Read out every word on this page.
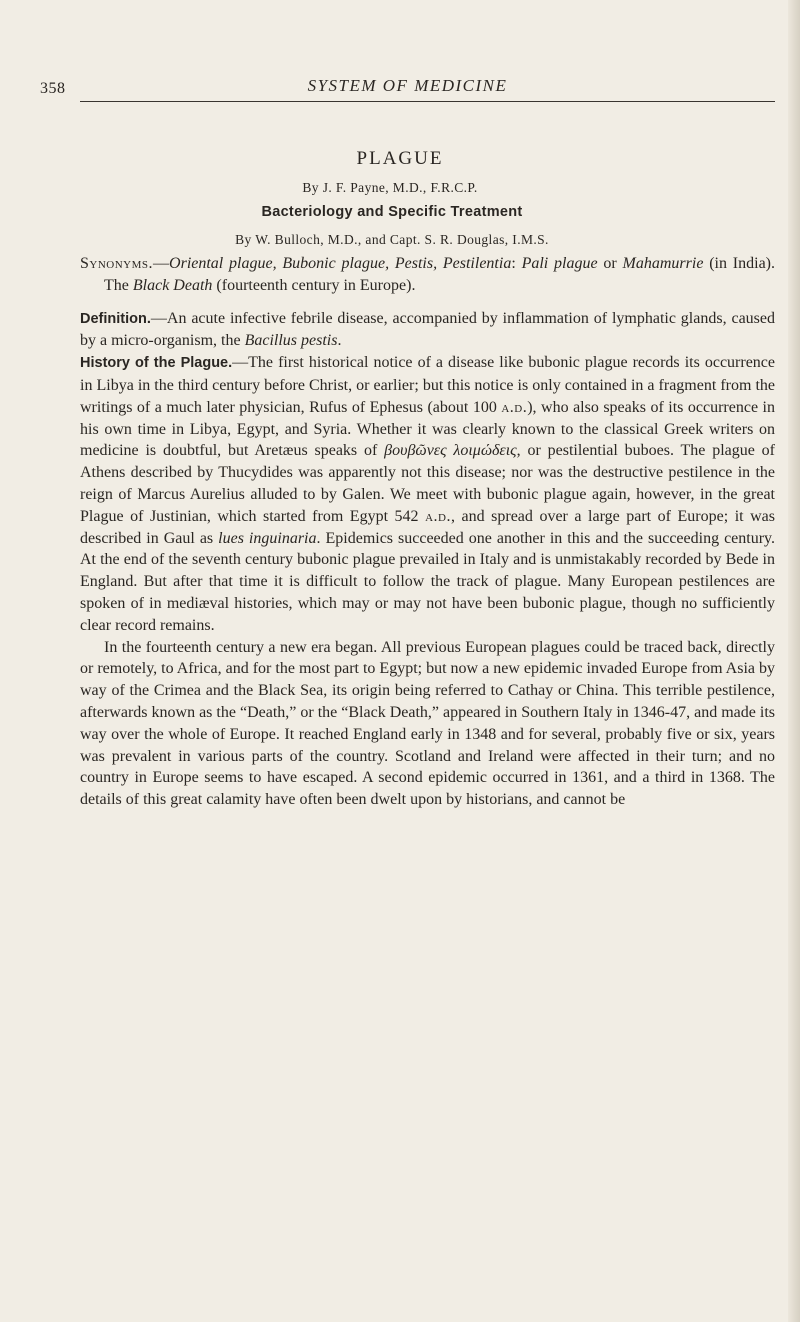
358	SYSTEM OF MEDICINE
PLAGUE
By J. F. Payne, M.D., F.R.C.P.
Bacteriology and Specific Treatment
By W. Bulloch, M.D., and Capt. S. R. Douglas, I.M.S.

Synonyms.—Oriental plague, Bubonic plague, Pestis, Pestilentia: Pali plague or Mahamurrie (in India). The Black Death (fourteenth century in Europe).

Definition.—An acute infective febrile disease, accompanied by inflammation of lymphatic glands, caused by a micro-organism, the Bacillus pestis.

History of the Plague.—The first historical notice of a disease like bubonic plague records its occurrence in Libya in the third century before Christ, or earlier; but this notice is only contained in a fragment from the writings of a much later physician, Rufus of Ephesus (about 100 a.d.), who also speaks of its occurrence in his own time in Libya, Egypt, and Syria. Whether it was clearly known to the classical Greek writers on medicine is doubtful, but Aretæus speaks of βουβῶνες λοιμώδεις, or pestilential buboes. The plague of Athens described by Thucydides was apparently not this disease; nor was the destructive pestilence in the reign of Marcus Aurelius alluded to by Galen. We meet with bubonic plague again, however, in the great Plague of Justinian, which started from Egypt 542 a.d., and spread over a large part of Europe; it was described in Gaul as lues inguinaria. Epidemics succeeded one another in this and the succeeding century. At the end of the seventh century bubonic plague prevailed in Italy and is unmistakably recorded by Bede in England. But after that time it is difficult to follow the track of plague. Many European pestilences are spoken of in mediæval histories, which may or may not have been bubonic plague, though no sufficiently clear record remains.

In the fourteenth century a new era began. All previous European plagues could be traced back, directly or remotely, to Africa, and for the most part to Egypt; but now a new epidemic invaded Europe from Asia by way of the Crimea and the Black Sea, its origin being referred to Cathay or China. This terrible pestilence, afterwards known as the “Death,” or the “Black Death,” appeared in Southern Italy in 1346-47, and made its way over the whole of Europe. It reached England early in 1348 and for several, probably five or six, years was prevalent in various parts of the country. Scotland and Ireland were affected in their turn; and no country in Europe seems to have escaped. A second epidemic occurred in 1361, and a third in 1368. The details of this great calamity have often been dwelt upon by historians, and cannot be
